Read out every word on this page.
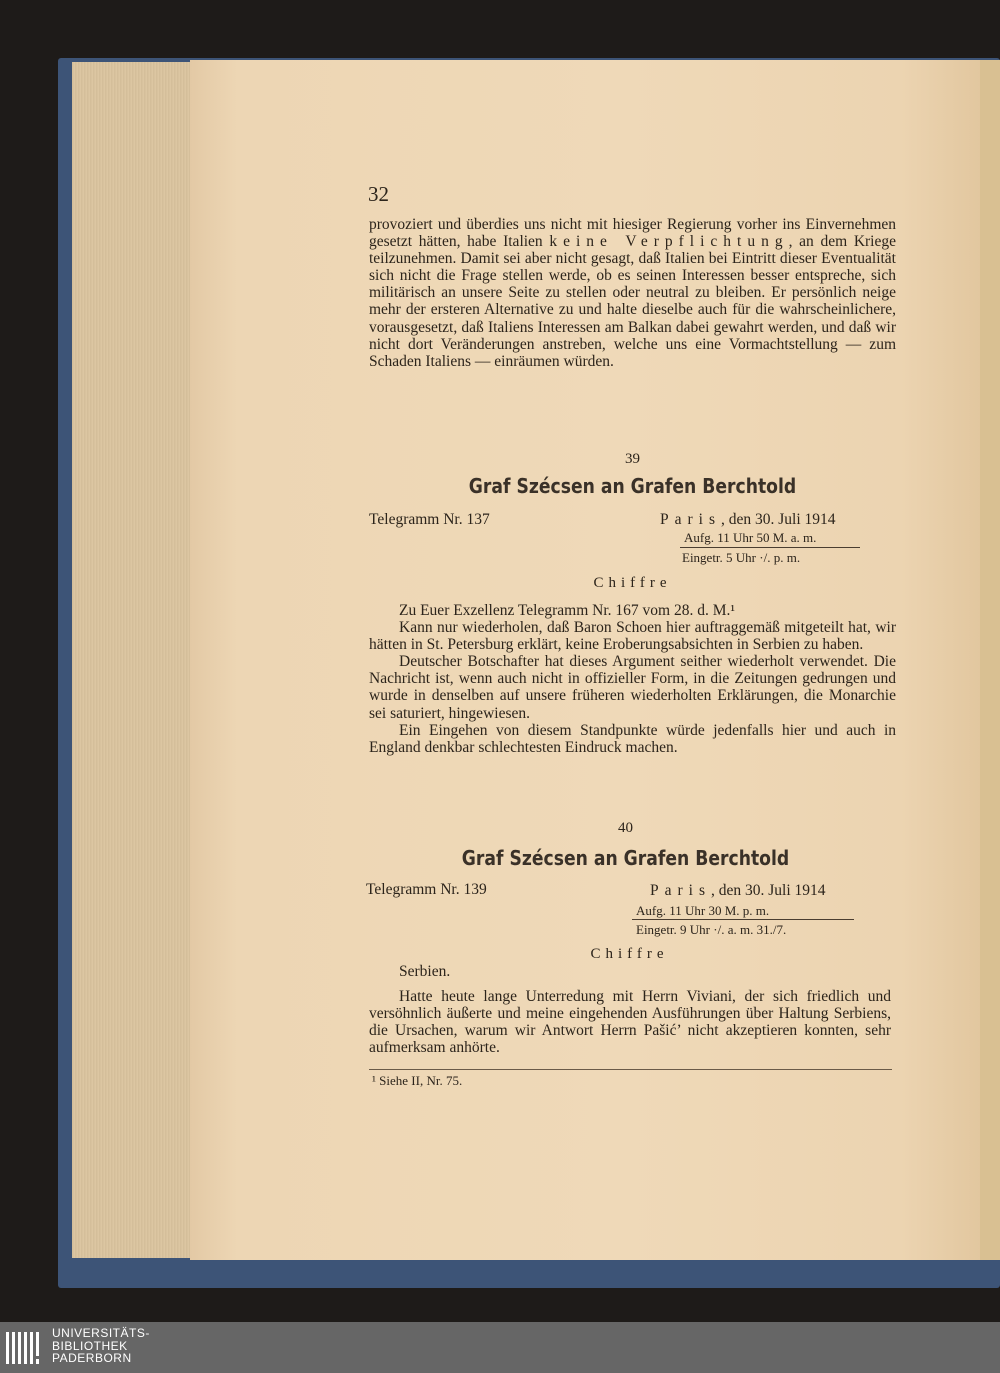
32

provoziert und überdies uns nicht mit hiesiger Regierung vorher ins Einvernehmen gesetzt hätten, habe Italien keine Verpflichtung, an dem Kriege teilzunehmen. Damit sei aber nicht gesagt, daß Italien bei Eintritt dieser Eventualität sich nicht die Frage stellen werde, ob es seinen Interessen besser entspreche, sich militärisch an unsere Seite zu stellen oder neutral zu bleiben. Er persönlich neige mehr der ersteren Alternative zu und halte dieselbe auch für die wahrscheinlichere, vorausgesetzt, daß Italiens Interessen am Balkan dabei gewahrt werden, und daß wir nicht dort Veränderungen anstreben, welche uns eine Vormachtstellung — zum Schaden Italiens — einräumen würden.

39
Graf Szécsen an Grafen Berchtold
Telegramm Nr. 137	Paris, den 30. Juli 1914
Aufg. 11 Uhr 50 M. a. m.
Eingetr. 5 Uhr ·/. p. m.
Chiffre

Zu Euer Exzellenz Telegramm Nr. 167 vom 28. d. M.¹

Kann nur wiederholen, daß Baron Schoen hier auftraggemäß mitgeteilt hat, wir hätten in St. Petersburg erklärt, keine Eroberungsabsichten in Serbien zu haben.

Deutscher Botschafter hat dieses Argument seither wiederholt verwendet. Die Nachricht ist, wenn auch nicht in offizieller Form, in die Zeitungen gedrungen und wurde in denselben auf unsere früheren wiederholten Erklärungen, die Monarchie sei saturiert, hingewiesen.

Ein Eingehen von diesem Standpunkte würde jedenfalls hier und auch in England denkbar schlechtesten Eindruck machen.

40
Graf Szécsen an Grafen Berchtold
Telegramm Nr. 139	Paris, den 30. Juli 1914
Aufg. 11 Uhr 30 M. p. m.
Eingetr. 9 Uhr ·/. a. m. 31./7.
Chiffre

Serbien.

Hatte heute lange Unterredung mit Herrn Viviani, der sich friedlich und versöhnlich äußerte und meine eingehenden Ausführungen über Haltung Serbiens, die Ursachen, warum wir Antwort Herrn Pašić’ nicht akzeptieren konnten, sehr aufmerksam anhörte.

¹ Siehe II, Nr. 75.
UNIVERSITÄTS-
BIBLIOTHEK
PADERBORN
